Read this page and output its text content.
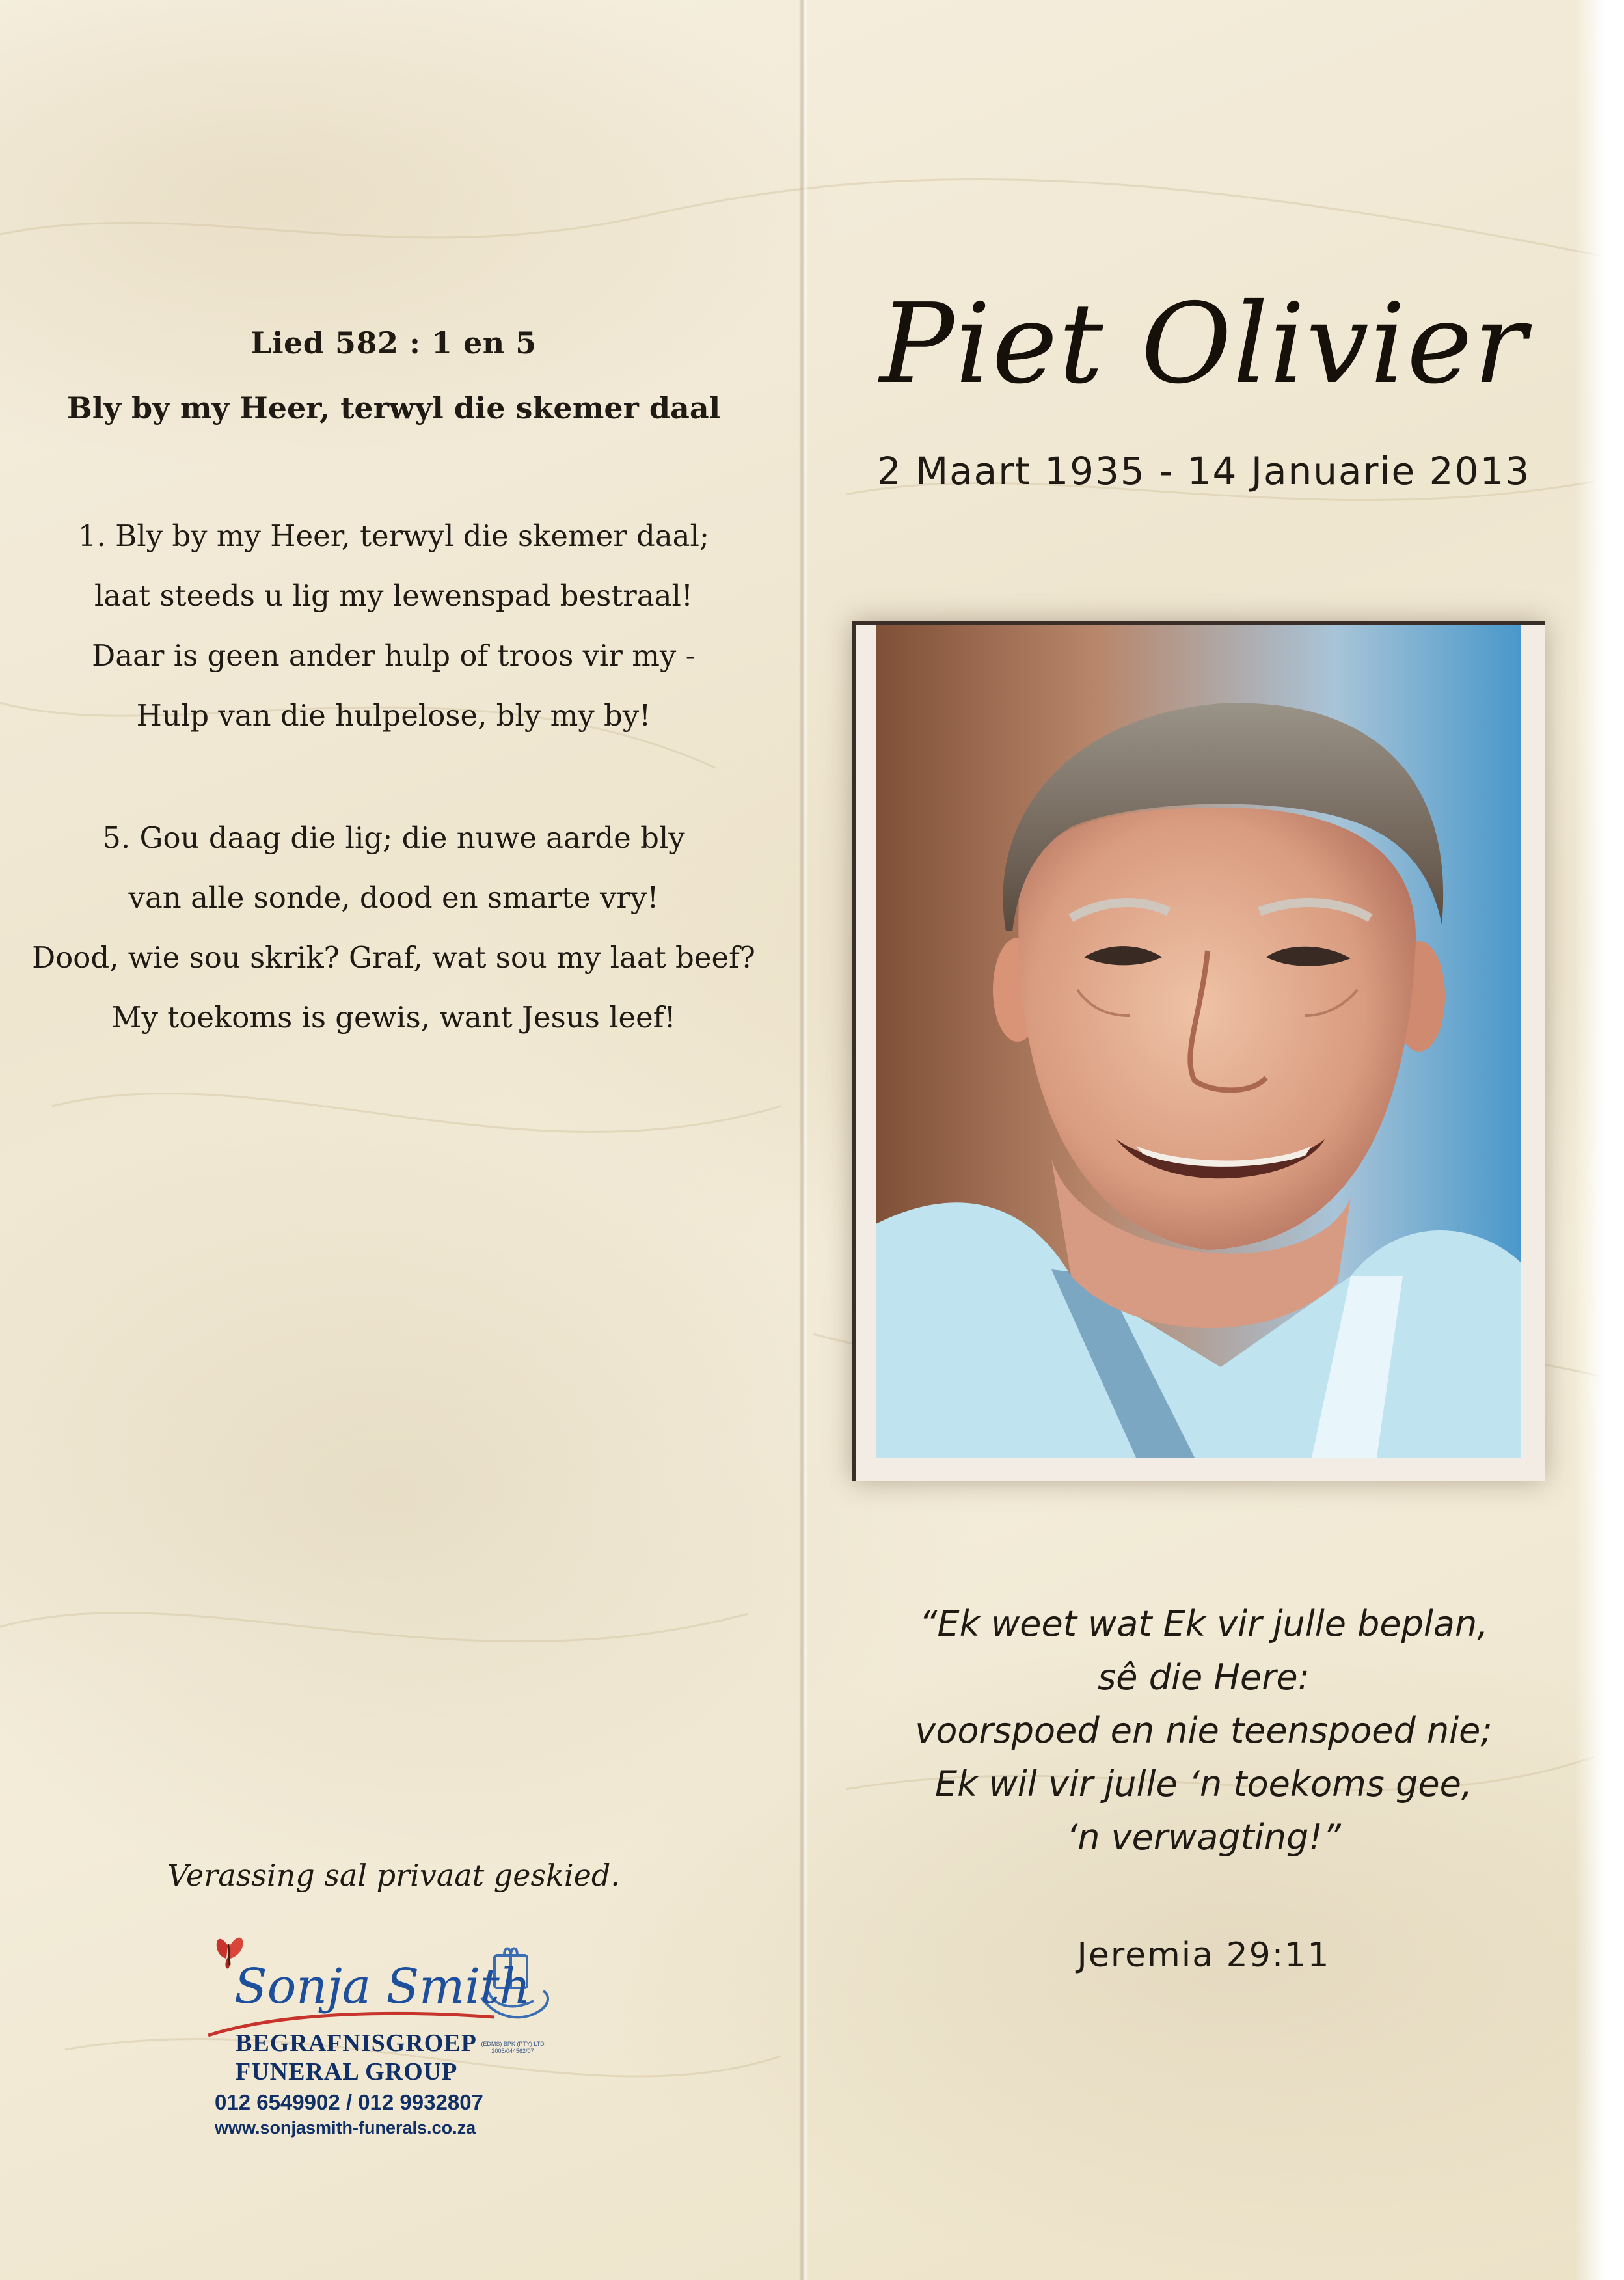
Lied 582 : 1 en 5
Bly by my Heer, terwyl die skemer daal
1. Bly by my Heer, terwyl die skemer daal;
laat steeds u lig my lewenspad bestraal!
Daar is geen ander hulp of troos vir my -
Hulp van die hulpelose, bly my by!
5. Gou daag die lig; die nuwe aarde bly
van alle sonde, dood en smarte vry!
Dood, wie sou skrik? Graf, wat sou my laat beef?
My toekoms is gewis, want Jesus leef!
Verassing sal privaat geskied.
Sonja Smith
BEGRAFNISGROEP
FUNERAL GROUP
(EDMS) BPK (PTY) LTD 2005/044562/07
012 6549902 / 012 9932807
www.sonjasmith-funerals.co.za
Piet Olivier
2 Maart 1935 - 14 Januarie 2013
“Ek weet wat Ek vir julle beplan,
sê die Here:
voorspoed en nie teenspoed nie;
Ek wil vir julle ‘n toekoms gee,
‘n verwagting!”
Jeremia 29:11
